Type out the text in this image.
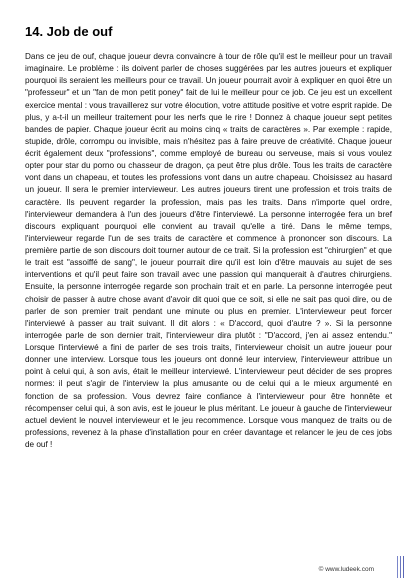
14. Job de ouf

Dans ce jeu de ouf, chaque joueur devra convaincre à tour de rôle qu'il est le meilleur pour un travail imaginaire. Le problème : ils doivent parler de choses suggérées par les autres joueurs et expliquer pourquoi ils seraient les meilleurs pour ce travail. Un joueur pourrait avoir à expliquer en quoi être un "professeur" et un "fan de mon petit poney" fait de lui le meilleur pour ce job. Ce jeu est un excellent exercice mental : vous travaillerez sur votre élocution, votre attitude positive et votre esprit rapide. De plus, y a-t-il un meilleur traitement pour les nerfs que le rire ! Donnez à chaque joueur sept petites bandes de papier. Chaque joueur écrit au moins cinq « traits de caractères ». Par exemple : rapide, stupide, drôle, corrompu ou invisible, mais n'hésitez pas à faire preuve de créativité. Chaque joueur écrit également deux "professions", comme employé de bureau ou serveuse, mais si vous voulez opter pour star du porno ou chasseur de dragon, ça peut être plus drôle. Tous les traits de caractère vont dans un chapeau, et toutes les professions vont dans un autre chapeau. Choisissez au hasard un joueur. Il sera le premier intervieweur. Les autres joueurs tirent une profession et trois traits de caractère. Ils peuvent regarder la profession, mais pas les traits. Dans n'importe quel ordre, l'intervieweur demandera à l'un des joueurs d'être l'interviewé. La personne interrogée fera un bref discours expliquant pourquoi elle convient au travail qu'elle a tiré. Dans le même temps, l'intervieweur regarde l'un de ses traits de caractère et commence à prononcer son discours. La première partie de son discours doit tourner autour de ce trait. Si la profession est "chirurgien" et que le trait est "assoiffé de sang", le joueur pourrait dire qu'il est loin d'être mauvais au sujet de ses interventions et qu'il peut faire son travail avec une passion qui manquerait à d'autres chirurgiens. Ensuite, la personne interrogée regarde son prochain trait et en parle. La personne interrogée peut choisir de passer à autre chose avant d'avoir dit quoi que ce soit, si elle ne sait pas quoi dire, ou de parler de son premier trait pendant une minute ou plus en premier. L'intervieweur peut forcer l'interviewé à passer au trait suivant. Il dit alors : « D'accord, quoi d'autre ? ». Si la personne interrogée parle de son dernier trait, l'intervieweur dira plutôt : "D'accord, j'en ai assez entendu." Lorsque l'interviewé a fini de parler de ses trois traits, l'intervieweur choisit un autre joueur pour donner une interview. Lorsque tous les joueurs ont donné leur interview, l'intervieweur attribue un point à celui qui, à son avis, était le meilleur interviewé. L'intervieweur peut décider de ses propres normes: il peut s'agir de l'interview la plus amusante ou de celui qui a le mieux argumenté en fonction de sa profession. Vous devrez faire confiance à l'intervieweur pour être honnête et récompenser celui qui, à son avis, est le joueur le plus méritant. Le joueur à gauche de l'intervieweur actuel devient le nouvel intervieweur et le jeu recommence. Lorsque vous manquez de traits ou de professions, revenez à la phase d'installation pour en créer davantage et relancer le jeu de ces jobs de ouf !

© www.ludeek.com
